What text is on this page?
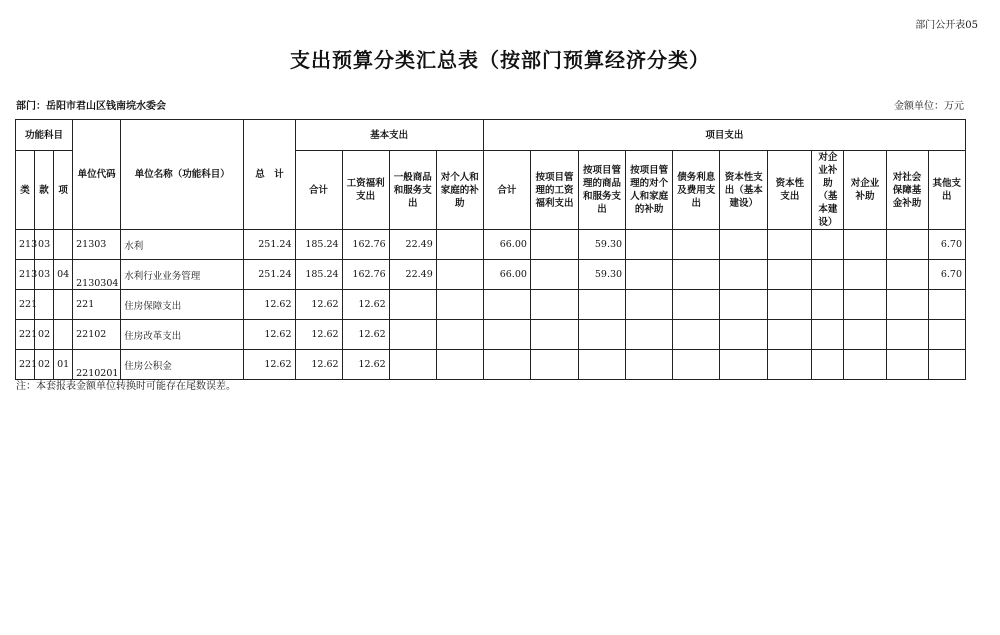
部门公开表05
支出预算分类汇总表（按部门预算经济分类）
部门：岳阳市君山区钱南垸水委会	金额单位：万元
功能科目			单位代码	单位名称（功能科目）	总　计	基本支出				项目支出										
类	款	项				合计	工资福利支出	一般商品和服务支出	对个人和家庭的补助	合计	按项目管理的工资福利支出	按项目管理的商品和服务支出	按项目管理的对个人和家庭的补助	债务利息及费用支出	资本性支出（基本建设）	资本性支出	对企业补助（基本建设）	对企业补助	对社会保障基金补助	其他支出
213	03		21303	水利	251.24	185.24	162.76	22.49		66.00		59.30								6.70
213	03	04	2130304	水利行业业务管理	251.24	185.24	162.76	22.49		66.00		59.30								6.70
221			221	住房保障支出	12.62	12.62	12.62													
221	02		22102	住房改革支出	12.62	12.62	12.62													
221	02	01	2210201	住房公积金	12.62	12.62	12.62													
注：本套报表金额单位转换时可能存在尾数误差。
